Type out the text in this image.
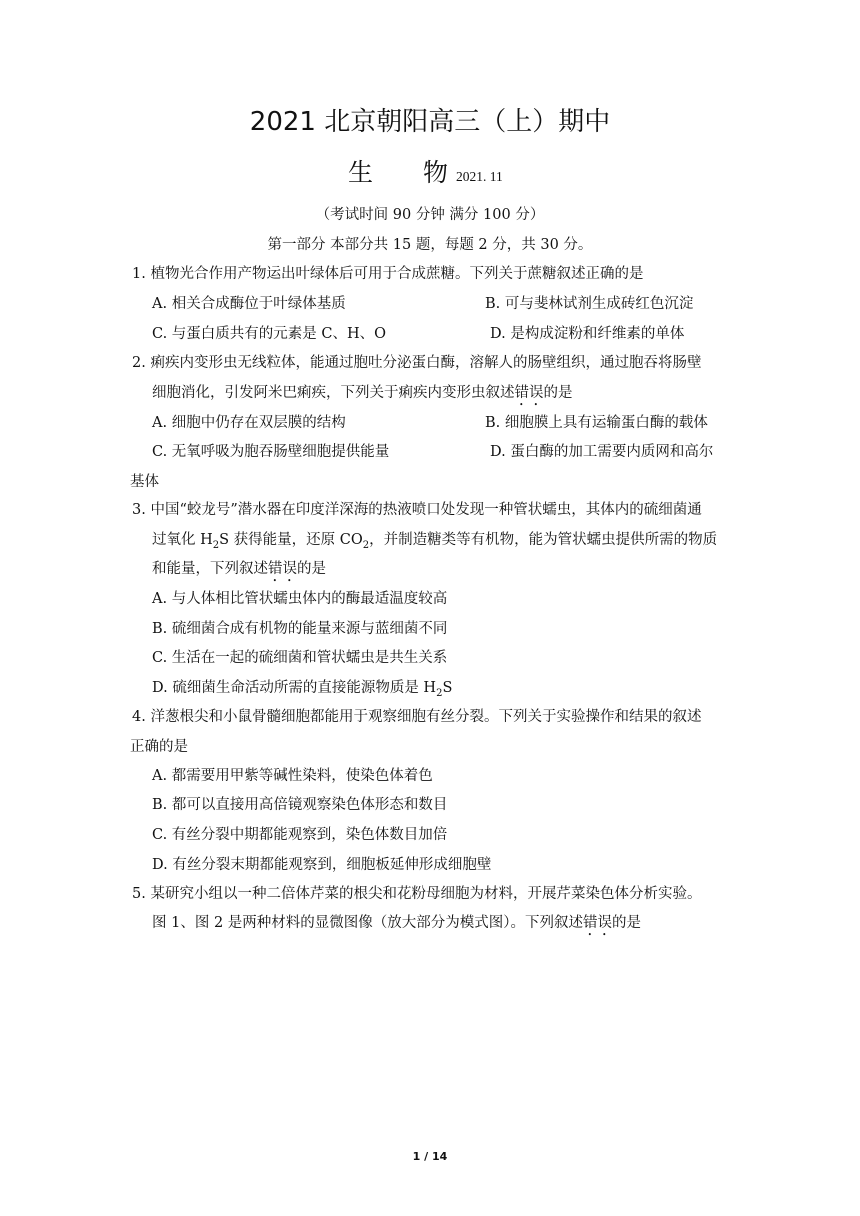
2021 北京朝阳高三（上）期中
生 物 2021. 11
（考试时间 90 分钟 满分 100 分）
第一部分 本部分共 15 题，每题 2 分，共 30 分。
1. 植物光合作用产物运出叶绿体后可用于合成蔗糖。下列关于蔗糖叙述正确的是
A. 相关合成酶位于叶绿体基质	B. 可与斐林试剂生成砖红色沉淀
C. 与蛋白质共有的元素是 C、H、O	D. 是构成淀粉和纤维素的单体
2. 痢疾内变形虫无线粒体，能通过胞吐分泌蛋白酶，溶解人的肠壁组织，通过胞吞将肠壁
细胞消化，引发阿米巴痢疾，下列关于痢疾内变形虫叙述错误的是
A. 细胞中仍存在双层膜的结构	B. 细胞膜上具有运输蛋白酶的载体
C. 无氧呼吸为胞吞肠壁细胞提供能量	D. 蛋白酶的加工需要内质网和高尔
基体
3. 中国“蛟龙号”潜水器在印度洋深海的热液喷口处发现一种管状蠕虫，其体内的硫细菌通
过氧化 $H_2S$ 获得能量，还原 $CO_2$，并制造糖类等有机物，能为管状蠕虫提供所需的物质
和能量，下列叙述错误的是
A. 与人体相比管状蠕虫体内的酶最适温度较高
B. 硫细菌合成有机物的能量来源与蓝细菌不同
C. 生活在一起的硫细菌和管状蠕虫是共生关系
D. 硫细菌生命活动所需的直接能源物质是 $H_2S$
4. 洋葱根尖和小鼠骨髓细胞都能用于观察细胞有丝分裂。下列关于实验操作和结果的叙述
正确的是
A. 都需要用甲紫等碱性染料，使染色体着色
B. 都可以直接用高倍镜观察染色体形态和数目
C. 有丝分裂中期都能观察到，染色体数目加倍
D. 有丝分裂末期都能观察到，细胞板延伸形成细胞壁
5. 某研究小组以一种二倍体芹菜的根尖和花粉母细胞为材料，开展芹菜染色体分析实验。
图 1、图 2 是两种材料的显微图像（放大部分为模式图）。下列叙述错误的是
1 / 14
